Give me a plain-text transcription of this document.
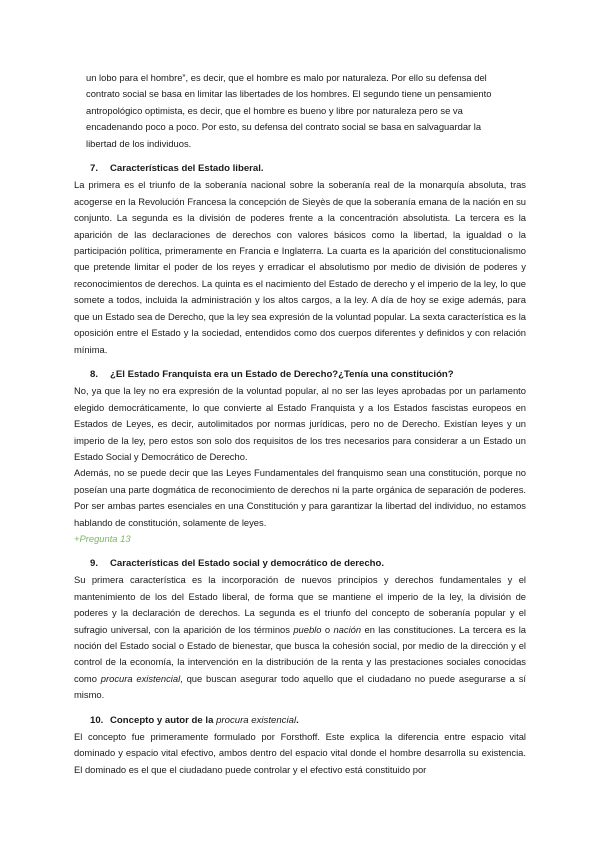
un lobo para el hombre”, es decir, que el hombre es malo por naturaleza. Por ello su defensa del

contrato social se basa en limitar las libertades de los hombres. El segundo tiene un pensamiento

antropológico optimista, es decir, que el hombre es bueno y libre por naturaleza pero se va

encadenando poco a poco. Por esto, su defensa del contrato social se basa en salvaguardar la

libertad de los individuos.

7. Características del Estado liberal.

La primera es el triunfo de la soberanía nacional sobre la soberanía real de la monarquía absoluta, tras acogerse en la Revolución Francesa la concepción de Sieyès de que la soberanía emana de la nación en su conjunto. La segunda es la división de poderes frente a la concentración absolutista. La tercera es la aparición de las declaraciones de derechos con valores básicos como la libertad, la igualdad o la participación política, primeramente en Francia e Inglaterra. La cuarta es la aparición del constitucionalismo que pretende limitar el poder de los reyes y erradicar el absolutismo por medio de división de poderes y reconocimientos de derechos. La quinta es el nacimiento del Estado de derecho y el imperio de la ley, lo que somete a todos, incluida la administración y los altos cargos, a la ley. A día de hoy se exige además, para que un Estado sea de Derecho, que la ley sea expresión de la voluntad popular. La sexta característica es la oposición entre el Estado y la sociedad, entendidos como dos cuerpos diferentes y definidos y con relación mínima.

8. ¿El Estado Franquista era un Estado de Derecho?¿Tenía una constitución?

No, ya que la ley no era expresión de la voluntad popular, al no ser las leyes aprobadas por un parlamento elegido democráticamente, lo que convierte al Estado Franquista y a los Estados fascistas europeos en Estados de Leyes, es decir, autolimitados por normas jurídicas, pero no de Derecho. Existían leyes y un imperio de la ley, pero estos son solo dos requisitos de los tres necesarios para considerar a un Estado un Estado Social y Democrático de Derecho.

Además, no se puede decir que las Leyes Fundamentales del franquismo sean una constitución, porque no poseían una parte dogmática de reconocimiento de derechos ni la parte orgánica de separación de poderes. Por ser ambas partes esenciales en una Constitución y para garantizar la libertad del individuo, no estamos hablando de constitución, solamente de leyes.

+Pregunta 13
9. Características del Estado social y democrático de derecho.

Su primera característica es la incorporación de nuevos principios y derechos fundamentales y el mantenimiento de los del Estado liberal, de forma que se mantiene el imperio de la ley, la división de poderes y la declaración de derechos. La segunda es el triunfo del concepto de soberanía popular y el sufragio universal, con la aparición de los términos pueblo o nación en las constituciones. La tercera es la noción del Estado social o Estado de bienestar, que busca la cohesión social, por medio de la dirección y el control de la economía, la intervención en la distribución de la renta y las prestaciones sociales conocidas como procura existencial, que buscan asegurar todo aquello que el ciudadano no puede asegurarse a sí mismo.

10. Concepto y autor de la procura existencial.

El concepto fue primeramente formulado por Forsthoff. Este explica la diferencia entre espacio vital dominado y espacio vital efectivo, ambos dentro del espacio vital donde el hombre desarrolla su existencia. El dominado es el que el ciudadano puede controlar y el efectivo está constituido por
